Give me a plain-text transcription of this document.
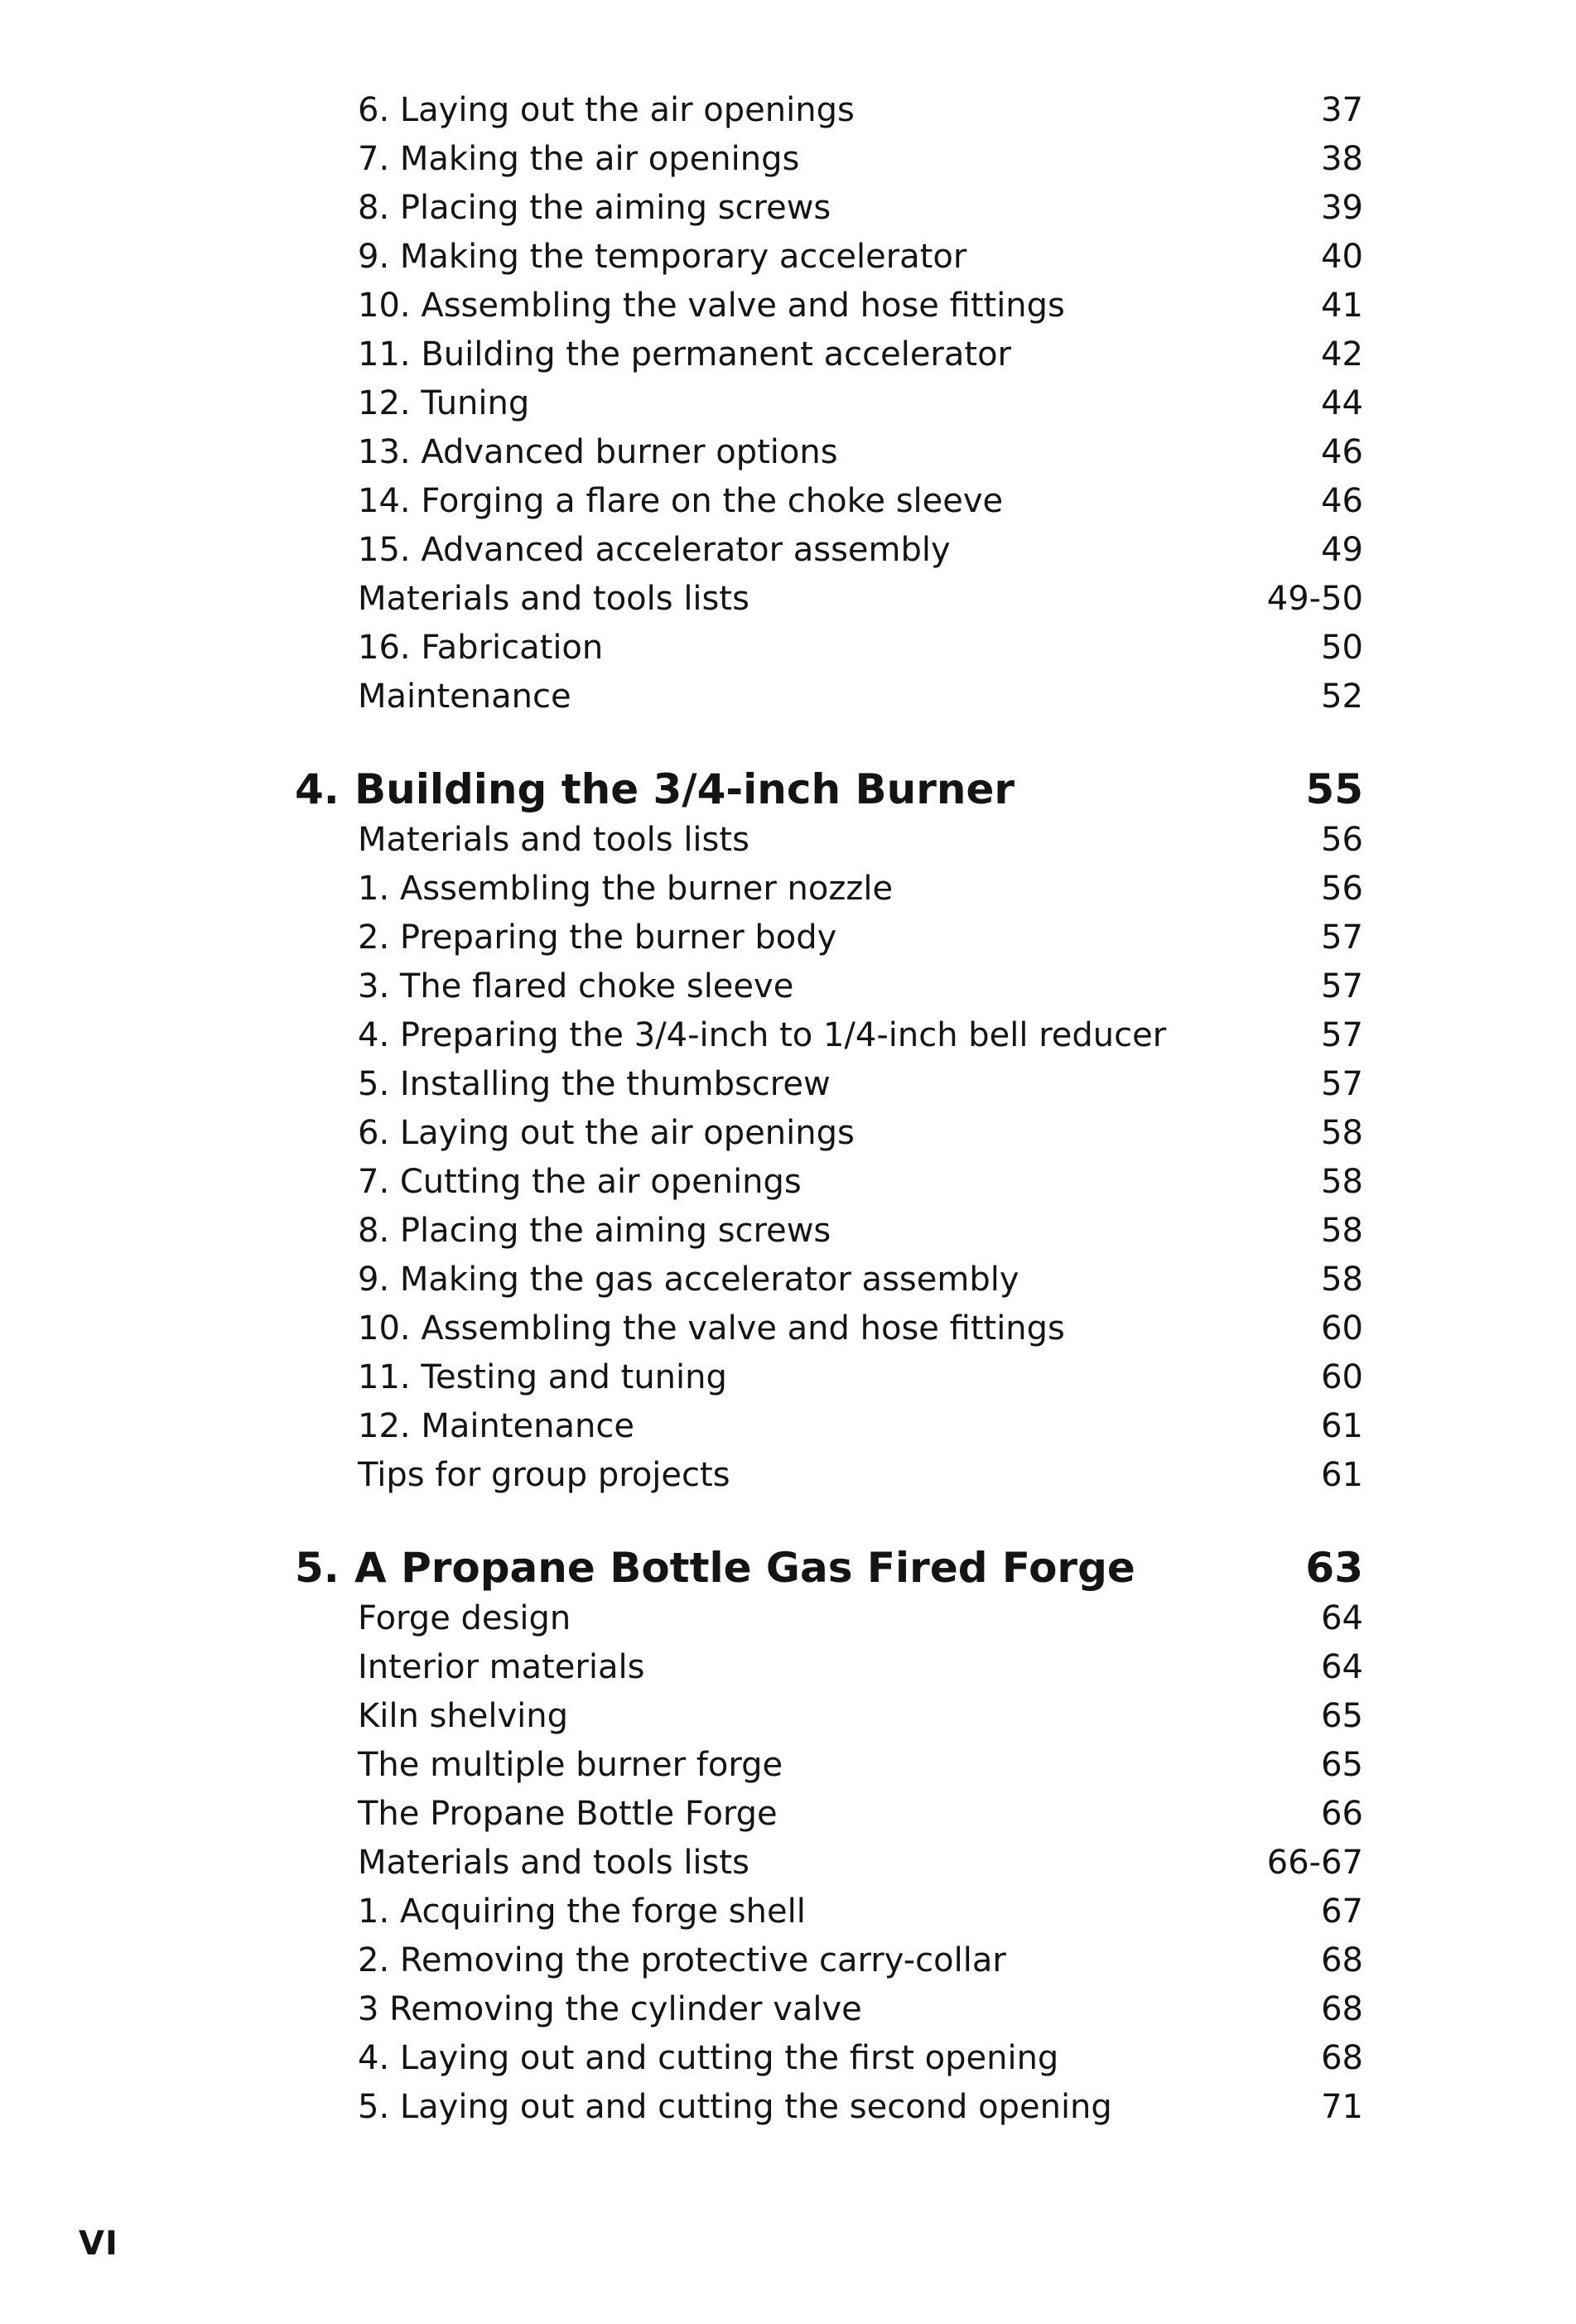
6. Laying out the air openings	37
7. Making the air openings	38
8. Placing the aiming screws	39
9. Making the temporary accelerator	40
10. Assembling the valve and hose fittings	41
11. Building the permanent accelerator	42
12. Tuning	44
13. Advanced burner options	46
14. Forging a flare on the choke sleeve	46
15. Advanced accelerator assembly	49
Materials and tools lists	49-50
16. Fabrication	50
Maintenance	52
4. Building the 3/4-inch Burner	55
Materials and tools lists	56
1. Assembling the burner nozzle	56
2. Preparing the burner body	57
3. The flared choke sleeve	57
4. Preparing the 3/4-inch to 1/4-inch bell reducer	57
5. Installing the thumbscrew	57
6. Laying out the air openings	58
7. Cutting the air openings	58
8. Placing the aiming screws	58
9. Making the gas accelerator assembly	58
10. Assembling the valve and hose fittings	60
11. Testing and tuning	60
12. Maintenance	61
Tips for group projects	61
5. A Propane Bottle Gas Fired Forge	63
Forge design	64
Interior materials	64
Kiln shelving	65
The multiple burner forge	65
The Propane Bottle Forge	66
Materials and tools lists	66-67
1. Acquiring the forge shell	67
2. Removing the protective carry-collar	68
3 Removing the cylinder valve	68
4. Laying out and cutting the first opening	68
5. Laying out and cutting the second opening	71
VI
